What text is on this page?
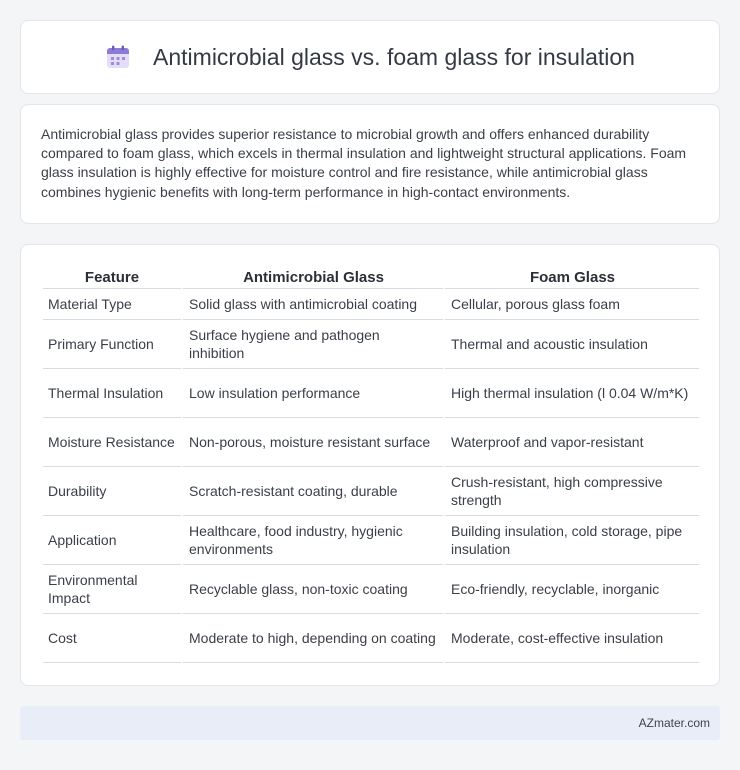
Antimicrobial glass vs. foam glass for insulation

Antimicrobial glass provides superior resistance to microbial growth and offers enhanced durability compared to foam glass, which excels in thermal insulation and lightweight structural applications. Foam glass insulation is highly effective for moisture control and fire resistance, while antimicrobial glass combines hygienic benefits with long-term performance in high-contact environments.

Feature	Antimicrobial Glass	Foam Glass
Material Type	Solid glass with antimicrobial coating	Cellular, porous glass foam
Primary Function	Surface hygiene and pathogen inhibition	Thermal and acoustic insulation
Thermal Insulation	Low insulation performance	High thermal insulation (l 0.04 W/m*K)
Moisture Resistance	Non-porous, moisture resistant surface	Waterproof and vapor-resistant
Durability	Scratch-resistant coating, durable	Crush-resistant, high compressive strength
Application	Healthcare, food industry, hygienic environments	Building insulation, cold storage, pipe insulation
Environmental Impact	Recyclable glass, non-toxic coating	Eco-friendly, recyclable, inorganic
Cost	Moderate to high, depending on coating	Moderate, cost-effective insulation
AZmater.com
